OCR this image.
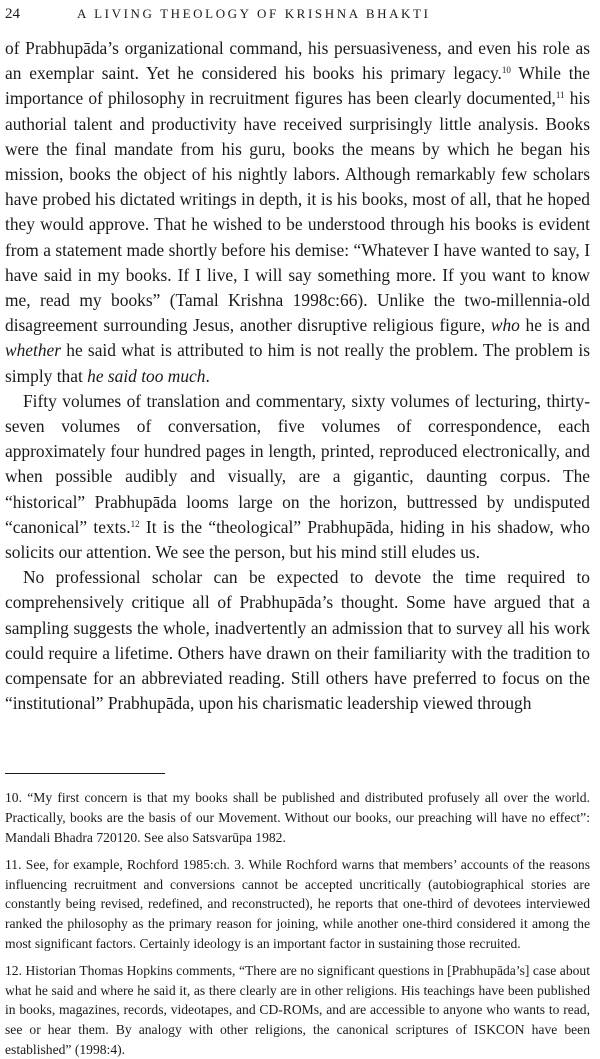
24	A LIVING THEOLOGY OF KRISHNA BHAKTI

of Prabhupāda’s organizational command, his persuasiveness, and even his role as an exemplar saint. Yet he considered his books his primary legacy.$^{10}$ While the importance of philosophy in recruitment figures has been clearly documented,$^{11}$ his authorial talent and productivity have received surprisingly little analysis. Books were the final mandate from his guru, books the means by which he began his mission, books the object of his nightly labors. Although remarkably few scholars have probed his dictated writings in depth, it is his books, most of all, that he hoped they would approve. That he wished to be understood through his books is evident from a statement made shortly before his demise: “Whatever I have wanted to say, I have said in my books. If I live, I will say something more. If you want to know me, read my books” (Tamal Krishna 1998c:66). Unlike the two-millennia-old disagreement surrounding Jesus, another disruptive religious figure, who he is and whether he said what is attributed to him is not really the problem. The problem is simply that he said too much.

Fifty volumes of translation and commentary, sixty volumes of lecturing, thirty-seven volumes of conversation, five volumes of correspondence, each approximately four hundred pages in length, printed, reproduced electronically, and when possible audibly and visually, are a gigantic, daunting corpus. The “historical” Prabhupāda looms large on the horizon, buttressed by undisputed “canonical” texts.$^{12}$ It is the “theological” Prabhupāda, hiding in his shadow, who solicits our attention. We see the person, but his mind still eludes us.

No professional scholar can be expected to devote the time required to comprehensively critique all of Prabhupāda’s thought. Some have argued that a sampling suggests the whole, inadvertently an admission that to survey all his work could require a lifetime. Others have drawn on their familiarity with the tradition to compensate for an abbreviated reading. Still others have preferred to focus on the “institutional” Prabhupāda, upon his charismatic leadership viewed through

10. “My first concern is that my books shall be published and distributed profusely all over the world. Practically, books are the basis of our Movement. Without our books, our preaching will have no effect”: Mandali Bhadra 720120. See also Satsvarūpa 1982.

11. See, for example, Rochford 1985:ch. 3. While Rochford warns that members’ accounts of the reasons influencing recruitment and conversions cannot be accepted uncritically (autobiographical stories are constantly being revised, redefined, and reconstructed), he reports that one-third of devotees interviewed ranked the philosophy as the primary reason for joining, while another one-third considered it among the most significant factors. Certainly ideology is an important factor in sustaining those recruited.

12. Historian Thomas Hopkins comments, “There are no significant questions in [Prabhupāda’s] case about what he said and where he said it, as there clearly are in other religions. His teachings have been published in books, magazines, records, videotapes, and CD-ROMs, and are accessible to anyone who wants to read, see or hear them. By analogy with other religions, the canonical scriptures of ISKCON have been established” (1998:4).
